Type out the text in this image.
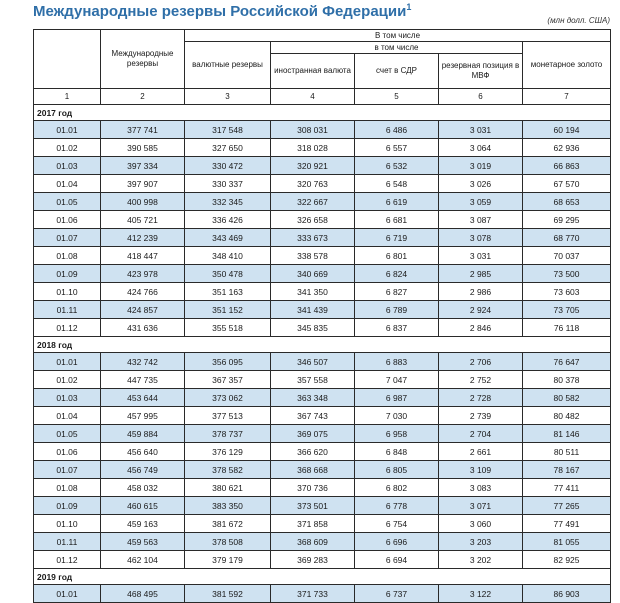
Международные резервы Российской Федерации$^1$
(млн долл. США)
	Международные резервы	В том числе				
		валютные резервы	в том числе			монетарное золото
			иностранная валюта	счет в СДР	резервная позиция в МВФ	
1	2	3	4	5	6	7
2017 год						
01.01	377 741	317 548	308 031	6 486	3 031	60 194
01.02	390 585	327 650	318 028	6 557	3 064	62 936
01.03	397 334	330 472	320 921	6 532	3 019	66 863
01.04	397 907	330 337	320 763	6 548	3 026	67 570
01.05	400 998	332 345	322 667	6 619	3 059	68 653
01.06	405 721	336 426	326 658	6 681	3 087	69 295
01.07	412 239	343 469	333 673	6 719	3 078	68 770
01.08	418 447	348 410	338 578	6 801	3 031	70 037
01.09	423 978	350 478	340 669	6 824	2 985	73 500
01.10	424 766	351 163	341 350	6 827	2 986	73 603
01.11	424 857	351 152	341 439	6 789	2 924	73 705
01.12	431 636	355 518	345 835	6 837	2 846	76 118
2018 год						
01.01	432 742	356 095	346 507	6 883	2 706	76 647
01.02	447 735	367 357	357 558	7 047	2 752	80 378
01.03	453 644	373 062	363 348	6 987	2 728	80 582
01.04	457 995	377 513	367 743	7 030	2 739	80 482
01.05	459 884	378 737	369 075	6 958	2 704	81 146
01.06	456 640	376 129	366 620	6 848	2 661	80 511
01.07	456 749	378 582	368 668	6 805	3 109	78 167
01.08	458 032	380 621	370 736	6 802	3 083	77 411
01.09	460 615	383 350	373 501	6 778	3 071	77 265
01.10	459 163	381 672	371 858	6 754	3 060	77 491
01.11	459 563	378 508	368 609	6 696	3 203	81 055
01.12	462 104	379 179	369 283	6 694	3 202	82 925
2019 год						
01.01	468 495	381 592	371 733	6 737	3 122	86 903
